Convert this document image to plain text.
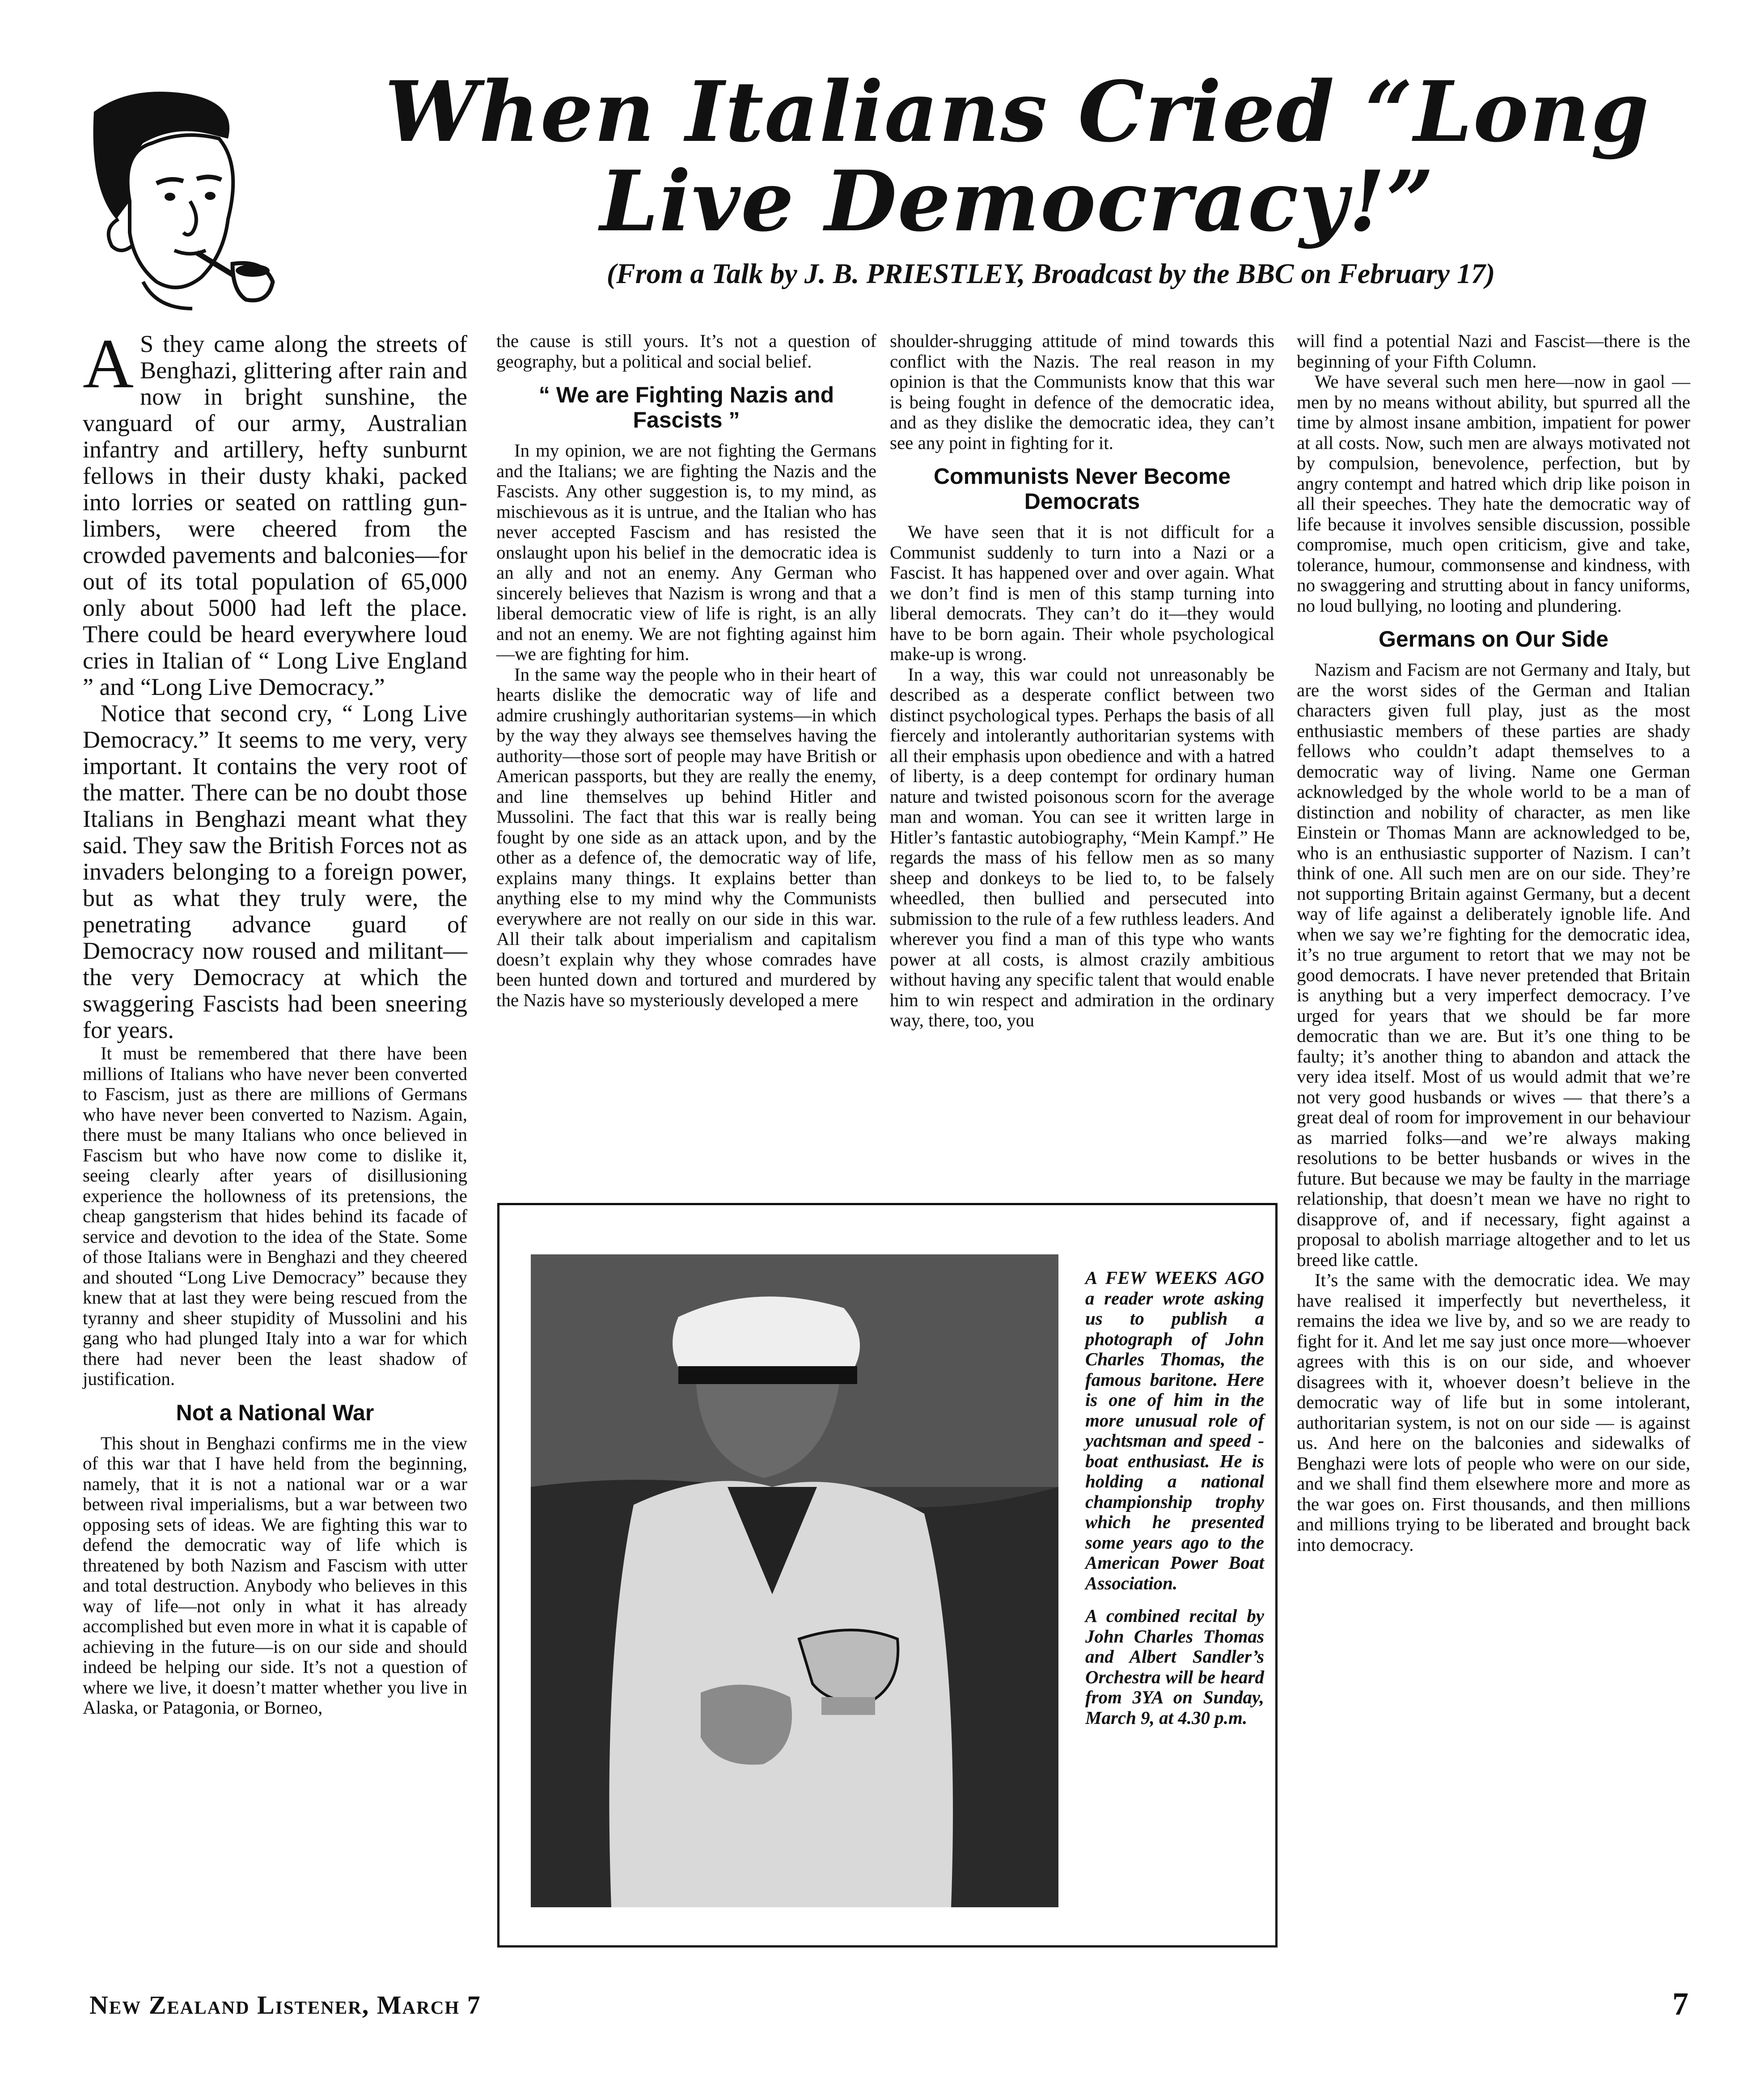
When Italians Cried “Long
Live Democracy!”
(From a Talk by J. B. PRIESTLEY, Broadcast by the BBC on February 17)

A S they came along the streets of Benghazi, glittering after rain and now in bright sunshine, the vanguard of our army, Australian infantry and artillery, hefty sunburnt fellows in their dusty khaki, packed into lorries or seated on rattling gun-limbers, were cheered from the crowded pavements and balconies—for out of its total population of 65,000 only about 5000 had left the place. There could be heard everywhere loud cries in Italian of “ Long Live England ” and “Long Live Democracy.”

Notice that second cry, “ Long Live Democracy.” It seems to me very, very important. It contains the very root of the matter. There can be no doubt those Italians in Benghazi meant what they said. They saw the British Forces not as invaders belonging to a foreign power, but as what they truly were, the penetrating advance guard of Democracy now roused and militant—the very Democracy at which the swaggering Fascists had been sneering for years.

It must be remembered that there have been millions of Italians who have never been converted to Fascism, just as there are millions of Germans who have never been converted to Nazism. Again, there must be many Italians who once believed in Fascism but who have now come to dislike it, seeing clearly after years of disillusioning experience the hollowness of its pretensions, the cheap gangsterism that hides behind its facade of service and devotion to the idea of the State. Some of those Italians were in Benghazi and they cheered and shouted “Long Live Democracy” because they knew that at last they were being rescued from the tyranny and sheer stupidity of Mussolini and his gang who had plunged Italy into a war for which there had never been the least shadow of justification.

Not a National War

This shout in Benghazi confirms me in the view of this war that I have held from the beginning, namely, that it is not a national war or a war between rival imperialisms, but a war between two opposing sets of ideas. We are fighting this war to defend the democratic way of life which is threatened by both Nazism and Fascism with utter and total destruction. Anybody who believes in this way of life—not only in what it has already accomplished but even more in what it is capable of achieving in the future—is on our side and should indeed be helping our side. It’s not a question of where we live, it doesn’t matter whether you live in Alaska, or Patagonia, or Borneo,

the cause is still yours. It’s not a question of geography, but a political and social belief.

“ We are Fighting Nazis and Fascists ”

In my opinion, we are not fighting the Germans and the Italians; we are fighting the Nazis and the Fascists. Any other suggestion is, to my mind, as mischievous as it is untrue, and the Italian who has never accepted Fascism and has resisted the onslaught upon his belief in the democratic idea is an ally and not an enemy. Any German who sincerely believes that Nazism is wrong and that a liberal democratic view of life is right, is an ally and not an enemy. We are not fighting against him—we are fighting for him.

In the same way the people who in their heart of hearts dislike the democratic way of life and admire crushingly authoritarian systems—in which by the way they always see themselves having the authority—those sort of people may have British or American passports, but they are really the enemy, and line themselves up behind Hitler and Mussolini. The fact that this war is really being fought by one side as an attack upon, and by the other as a defence of, the democratic way of life, explains many things. It explains better than anything else to my mind why the Communists everywhere are not really on our side in this war. All their talk about imperialism and capitalism doesn’t explain why they whose comrades have been hunted down and tortured and murdered by the Nazis have so mysteriously developed a mere

shoulder-shrugging attitude of mind towards this conflict with the Nazis. The real reason in my opinion is that the Communists know that this war is being fought in defence of the democratic idea, and as they dislike the democratic idea, they can’t see any point in fighting for it.

Communists Never Become Democrats

We have seen that it is not difficult for a Communist suddenly to turn into a Nazi or a Fascist. It has happened over and over again. What we don’t find is men of this stamp turning into liberal democrats. They can’t do it—they would have to be born again. Their whole psychological make-up is wrong.

In a way, this war could not unreasonably be described as a desperate conflict between two distinct psychological types. Perhaps the basis of all fiercely and intolerantly authoritarian systems with all their emphasis upon obedience and with a hatred of liberty, is a deep contempt for ordinary human nature and twisted poisonous scorn for the average man and woman. You can see it written large in Hitler’s fantastic autobiography, “Mein Kampf.” He regards the mass of his fellow men as so many sheep and donkeys to be lied to, to be falsely wheedled, then bullied and persecuted into submission to the rule of a few ruthless leaders. And wherever you find a man of this type who wants power at all costs, is almost crazily ambitious without having any specific talent that would enable him to win respect and admiration in the ordinary way, there, too, you

will find a potential Nazi and Fascist—there is the beginning of your Fifth Column.

We have several such men here—now in gaol — men by no means without ability, but spurred all the time by almost insane ambition, impatient for power at all costs. Now, such men are always motivated not by compulsion, benevolence, perfection, but by angry contempt and hatred which drip like poison in all their speeches. They hate the democratic way of life because it involves sensible discussion, possible compromise, much open criticism, give and take, tolerance, humour, commonsense and kindness, with no swaggering and strutting about in fancy uniforms, no loud bullying, no looting and plundering.

Germans on Our Side

Nazism and Facism are not Germany and Italy, but are the worst sides of the German and Italian characters given full play, just as the most enthusiastic members of these parties are shady fellows who couldn’t adapt themselves to a democratic way of living. Name one German acknowledged by the whole world to be a man of distinction and nobility of character, as men like Einstein or Thomas Mann are acknowledged to be, who is an enthusiastic supporter of Nazism. I can’t think of one. All such men are on our side. They’re not supporting Britain against Germany, but a decent way of life against a deliberately ignoble life. And when we say we’re fighting for the democratic idea, it’s no true argument to retort that we may not be good democrats. I have never pretended that Britain is anything but a very imperfect democracy. I’ve urged for years that we should be far more democratic than we are. But it’s one thing to be faulty; it’s another thing to abandon and attack the very idea itself. Most of us would admit that we’re not very good husbands or wives — that there’s a great deal of room for improvement in our behaviour as married folks—and we’re always making resolutions to be better husbands or wives in the future. But because we may be faulty in the marriage relationship, that doesn’t mean we have no right to disapprove of, and if necessary, fight against a proposal to abolish marriage altogether and to let us breed like cattle.

It’s the same with the democratic idea. We may have realised it imperfectly but nevertheless, it remains the idea we live by, and so we are ready to fight for it. And let me say just once more—whoever agrees with this is on our side, and whoever disagrees with it, whoever doesn’t believe in the democratic way of life but in some intolerant, authoritarian system, is not on our side — is against us. And here on the balconies and sidewalks of Benghazi were lots of people who were on our side, and we shall find them elsewhere more and more as the war goes on. First thousands, and then millions and millions trying to be liberated and brought back into democracy.

A FEW WEEKS AGO a reader wrote asking us to publish a photograph of John Charles Thomas, the famous baritone. Here is one of him in the more unusual role of yachtsman and speed - boat enthusiast. He is holding a national championship trophy which he presented some years ago to the American Power Boat Association.

A combined recital by John Charles Thomas and Albert Sandler’s Orchestra will be heard from 3YA on Sunday, March 9, at 4.30 p.m.

New Zealand Listener, March 7	7
